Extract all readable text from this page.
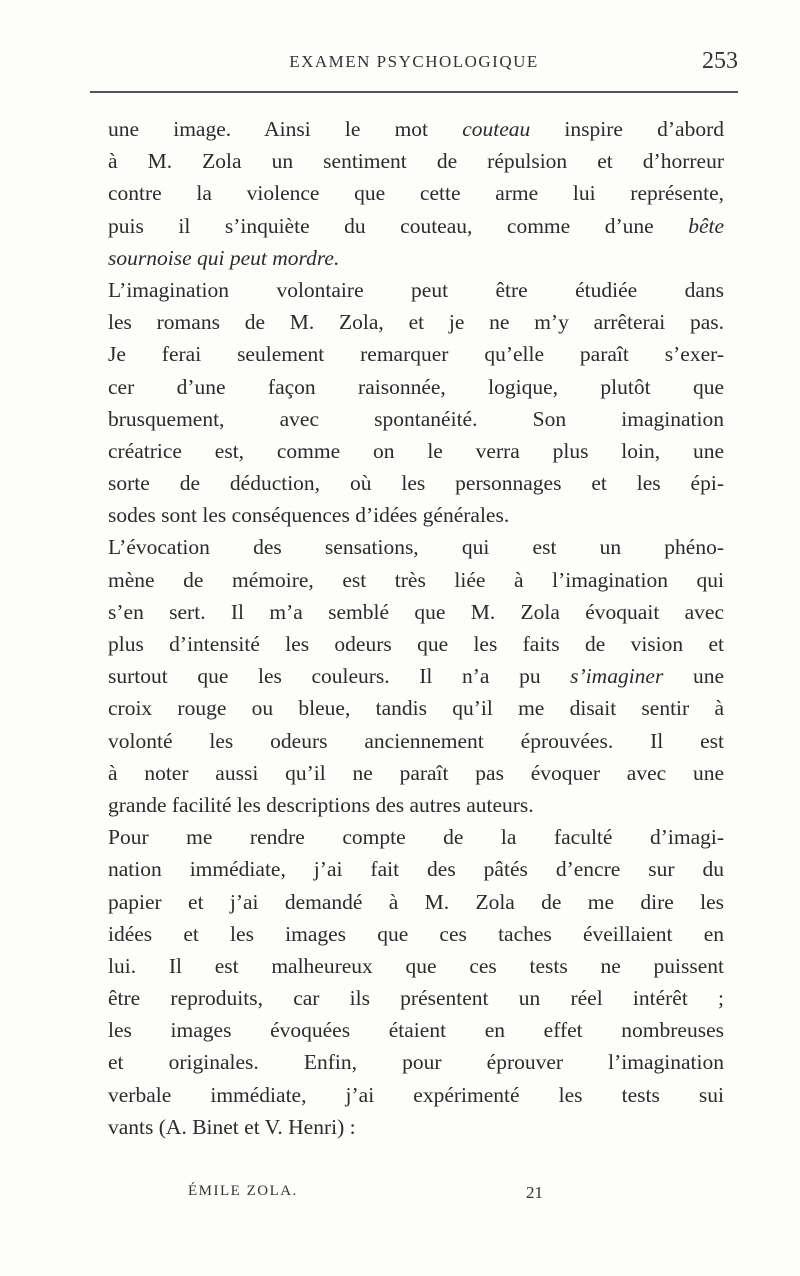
EXAMEN PSYCHOLOGIQUE	253
une image. Ainsi le mot couteau inspire d’abord
à M. Zola un sentiment de répulsion et d’horreur
contre la violence que cette arme lui représente,
puis il s’inquiète du couteau, comme d’une bête
sournoise qui peut mordre.
L’imagination volontaire peut être étudiée dans
les romans de M. Zola, et je ne m’y arrêterai pas.
Je ferai seulement remarquer qu’elle paraît s’exer-
cer d’une façon raisonnée, logique, plutôt que
brusquement, avec spontanéité. Son imagination
créatrice est, comme on le verra plus loin, une
sorte de déduction, où les personnages et les épi-
sodes sont les conséquences d’idées générales.
L’évocation des sensations, qui est un phéno-
mène de mémoire, est très liée à l’imagination qui
s’en sert. Il m’a semblé que M. Zola évoquait avec
plus d’intensité les odeurs que les faits de vision et
surtout que les couleurs. Il n’a pu s’imaginer une
croix rouge ou bleue, tandis qu’il me disait sentir à
volonté les odeurs anciennement éprouvées. Il est
à noter aussi qu’il ne paraît pas évoquer avec une
grande facilité les descriptions des autres auteurs.
Pour me rendre compte de la faculté d’imagi-
nation immédiate, j’ai fait des pâtés d’encre sur du
papier et j’ai demandé à M. Zola de me dire les
idées et les images que ces taches éveillaient en
lui. Il est malheureux que ces tests ne puissent
être reproduits, car ils présentent un réel intérêt ;
les images évoquées étaient en effet nombreuses
et originales. Enfin, pour éprouver l’imagination
verbale immédiate, j’ai expérimenté les tests sui
vants (A. Binet et V. Henri) :
ÉMILE ZOLA.	21
